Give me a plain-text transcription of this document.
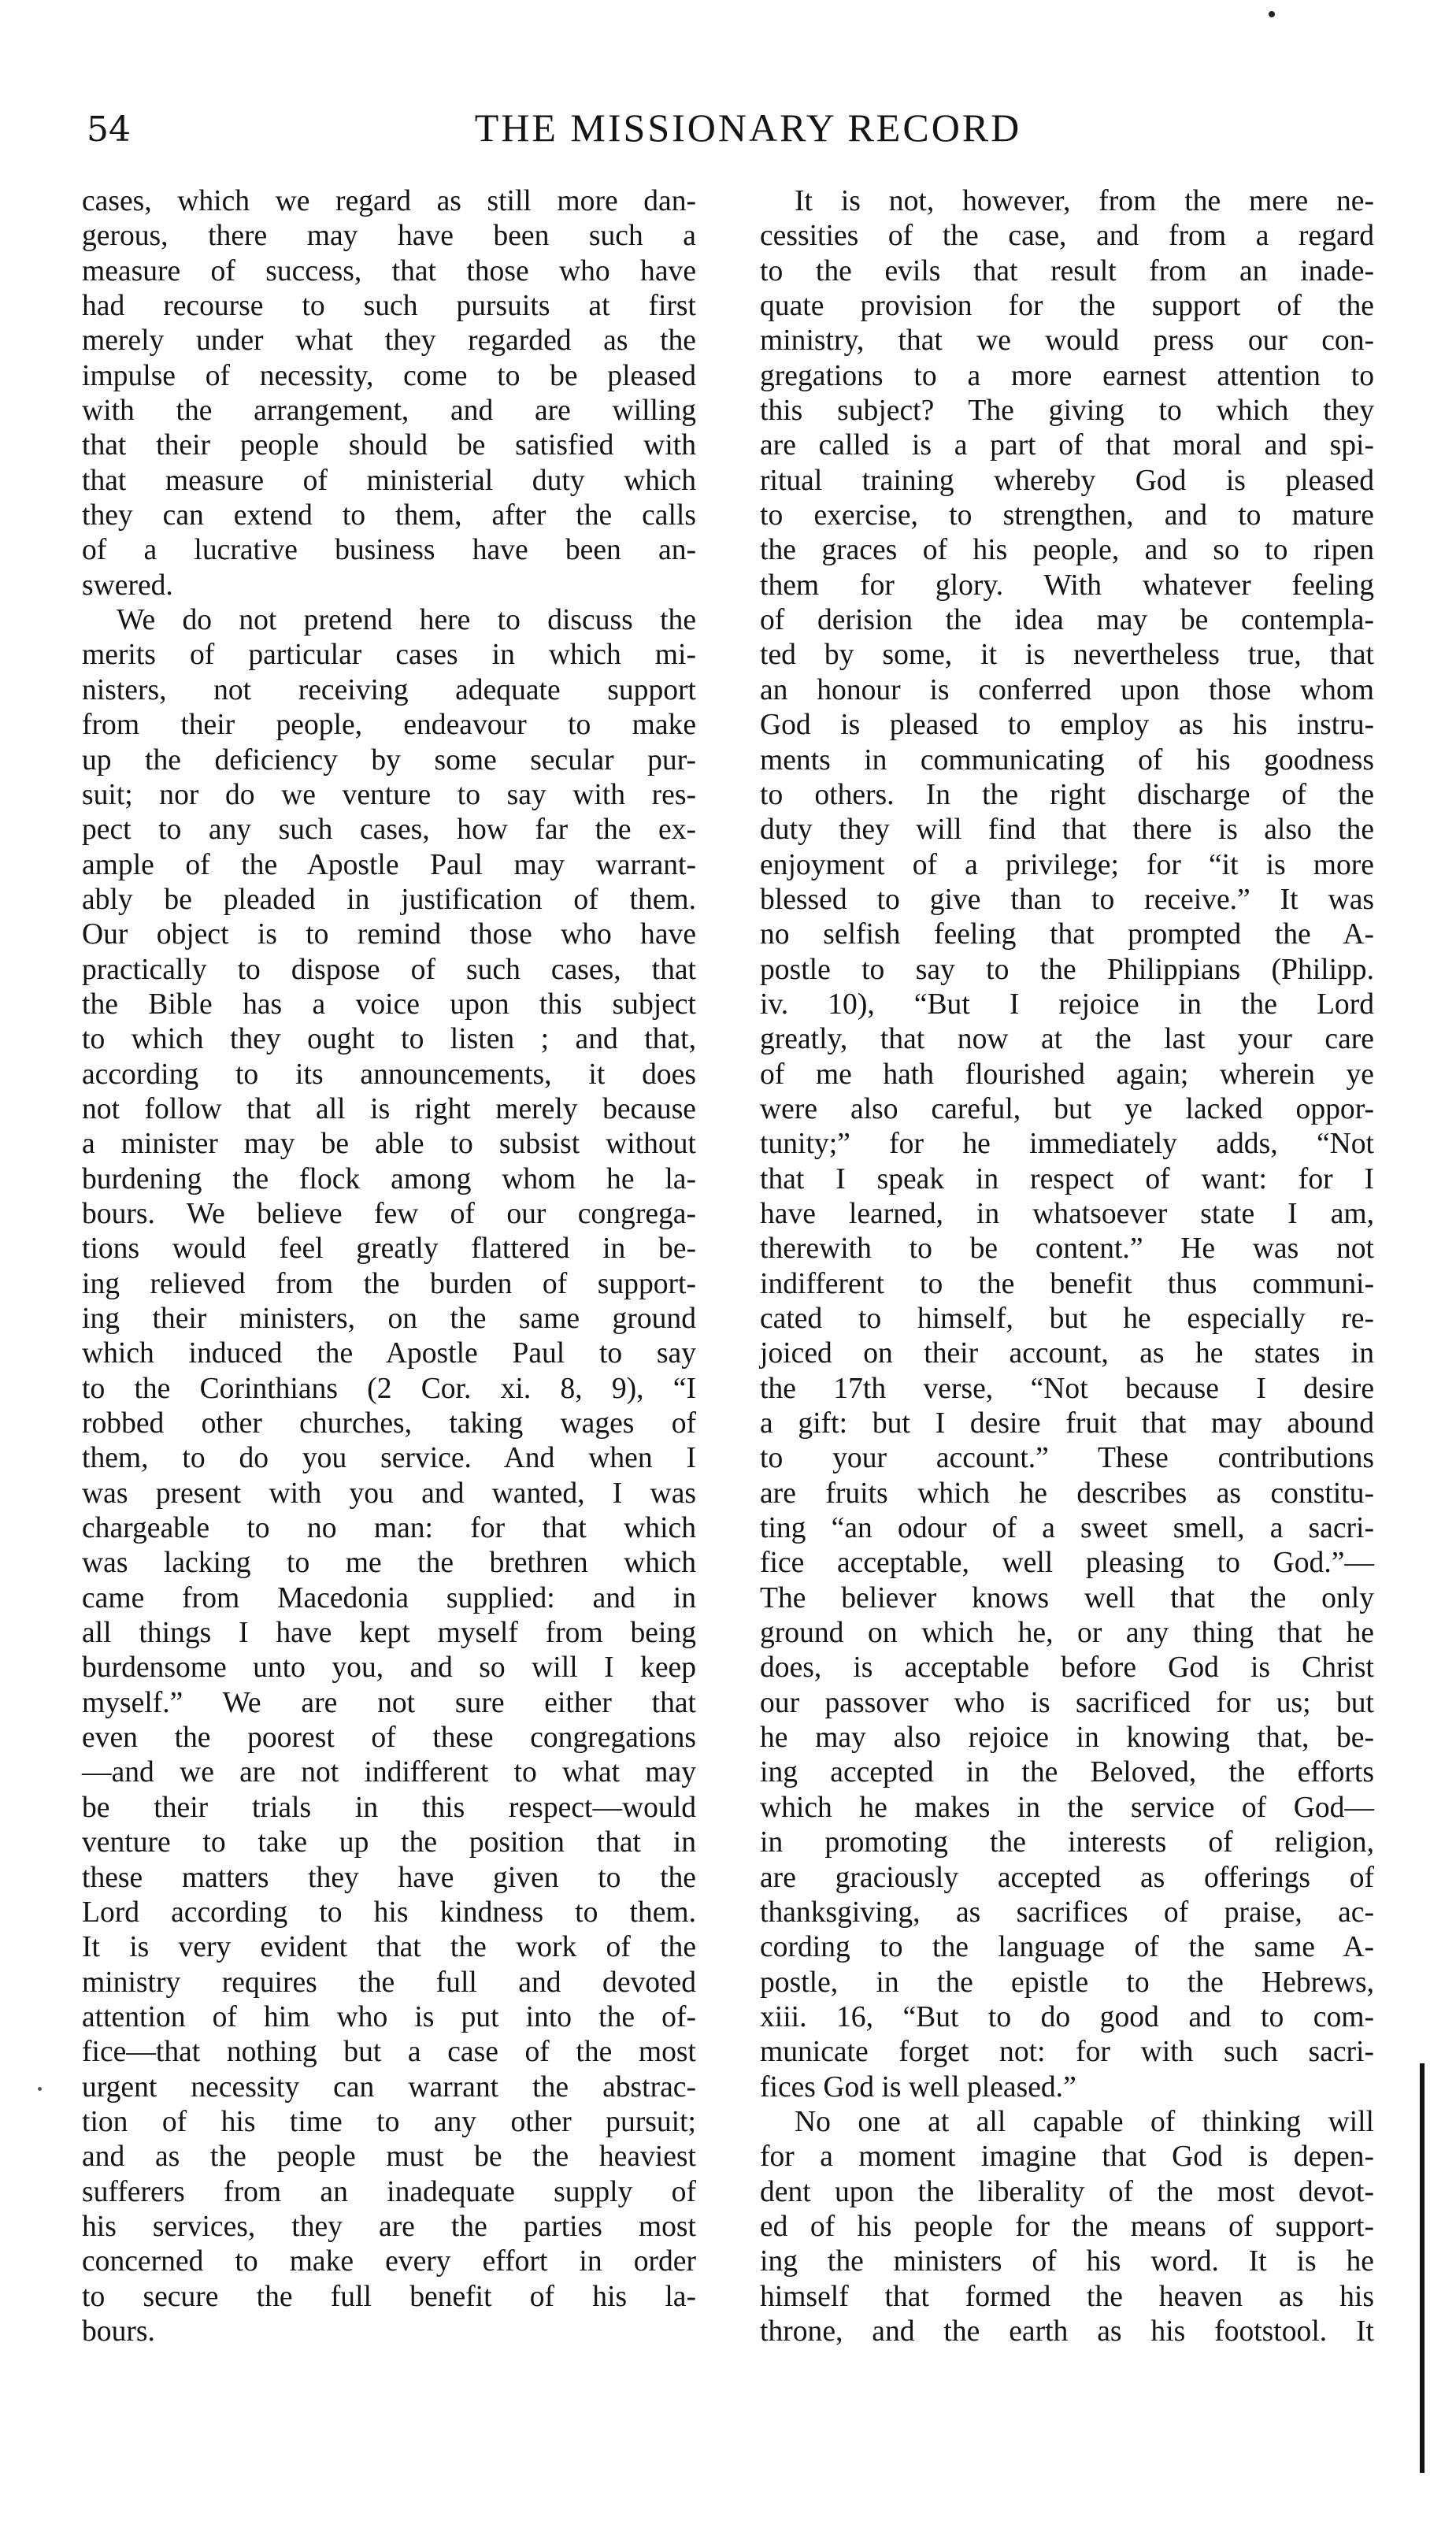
54	THE MISSIONARY RECORD
cases, which we regard as still more dan-
gerous, there may have been such a
measure of success, that those who have
had recourse to such pursuits at first
merely under what they regarded as the
impulse of necessity, come to be pleased
with the arrangement, and are willing
that their people should be satisfied with
that measure of ministerial duty which
they can extend to them, after the calls
of a lucrative business have been an-
swered.
We do not pretend here to discuss the
merits of particular cases in which mi-
nisters, not receiving adequate support
from their people, endeavour to make
up the deficiency by some secular pur-
suit; nor do we venture to say with res-
pect to any such cases, how far the ex-
ample of the Apostle Paul may warrant-
ably be pleaded in justification of them.
Our object is to remind those who have
practically to dispose of such cases, that
the Bible has a voice upon this subject
to which they ought to listen ; and that,
according to its announcements, it does
not follow that all is right merely because
a minister may be able to subsist without
burdening the flock among whom he la-
bours. We believe few of our congrega-
tions would feel greatly flattered in be-
ing relieved from the burden of support-
ing their ministers, on the same ground
which induced the Apostle Paul to say
to the Corinthians (2 Cor. xi. 8, 9), “I
robbed other churches, taking wages of
them, to do you service. And when I
was present with you and wanted, I was
chargeable to no man: for that which
was lacking to me the brethren which
came from Macedonia supplied: and in
all things I have kept myself from being
burdensome unto you, and so will I keep
myself.” We are not sure either that
even the poorest of these congregations
—and we are not indifferent to what may
be their trials in this respect—would
venture to take up the position that in
these matters they have given to the
Lord according to his kindness to them.
It is very evident that the work of the
ministry requires the full and devoted
attention of him who is put into the of-
fice—that nothing but a case of the most
urgent necessity can warrant the abstrac-
tion of his time to any other pursuit;
and as the people must be the heaviest
sufferers from an inadequate supply of
his services, they are the parties most
concerned to make every effort in order
to secure the full benefit of his la-
bours.
It is not, however, from the mere ne-
cessities of the case, and from a regard
to the evils that result from an inade-
quate provision for the support of the
ministry, that we would press our con-
gregations to a more earnest attention to
this subject? The giving to which they
are called is a part of that moral and spi-
ritual training whereby God is pleased
to exercise, to strengthen, and to mature
the graces of his people, and so to ripen
them for glory. With whatever feeling
of derision the idea may be contempla-
ted by some, it is nevertheless true, that
an honour is conferred upon those whom
God is pleased to employ as his instru-
ments in communicating of his goodness
to others. In the right discharge of the
duty they will find that there is also the
enjoyment of a privilege; for “it is more
blessed to give than to receive.” It was
no selfish feeling that prompted the A-
postle to say to the Philippians (Philipp.
iv. 10), “But I rejoice in the Lord
greatly, that now at the last your care
of me hath flourished again; wherein ye
were also careful, but ye lacked oppor-
tunity;” for he immediately adds, “Not
that I speak in respect of want: for I
have learned, in whatsoever state I am,
therewith to be content.” He was not
indifferent to the benefit thus communi-
cated to himself, but he especially re-
joiced on their account, as he states in
the 17th verse, “Not because I desire
a gift: but I desire fruit that may abound
to your account.” These contributions
are fruits which he describes as constitu-
ting “an odour of a sweet smell, a sacri-
fice acceptable, well pleasing to God.”—
The believer knows well that the only
ground on which he, or any thing that he
does, is acceptable before God is Christ
our passover who is sacrificed for us; but
he may also rejoice in knowing that, be-
ing accepted in the Beloved, the efforts
which he makes in the service of God—
in promoting the interests of religion,
are graciously accepted as offerings of
thanksgiving, as sacrifices of praise, ac-
cording to the language of the same A-
postle, in the epistle to the Hebrews,
xiii. 16, “But to do good and to com-
municate forget not: for with such sacri-
fices God is well pleased.”
No one at all capable of thinking will
for a moment imagine that God is depen-
dent upon the liberality of the most devot-
ed of his people for the means of support-
ing the ministers of his word. It is he
himself that formed the heaven as his
throne, and the earth as his footstool. It
